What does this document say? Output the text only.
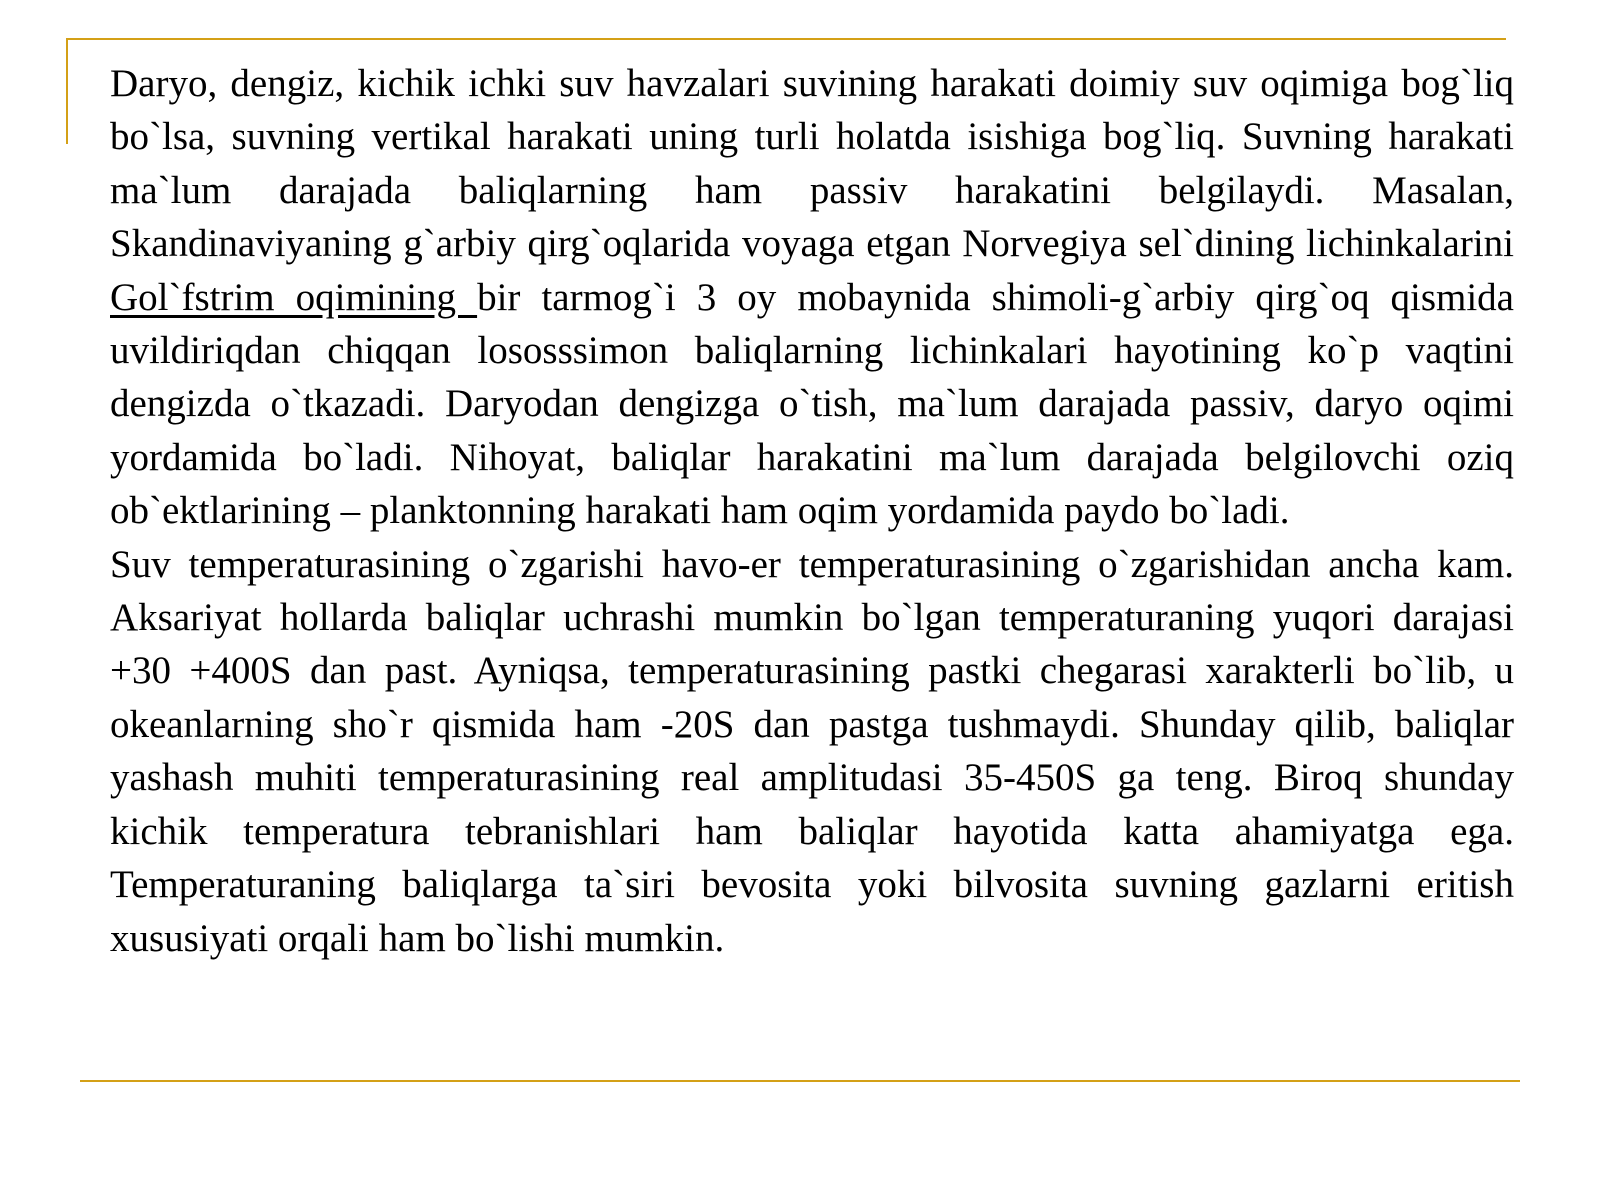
Daryo, dengiz, kichik ichki suv havzalari suvining harakati doimiy suv oqimiga bog`liq bo`lsa, suvning vertikal harakati uning turli holatda isishiga bog`liq. Suvning harakati ma`lum darajada baliqlarning ham passiv harakatini belgilaydi. Masalan, Skandinaviyaning g`arbiy qirg`oqlarida voyaga etgan Norvegiya sel`dining lichinkalarini Gol`fstrim oqimining bir tarmog`i 3 oy mobaynida shimoli-g`arbiy qirg`oq qismida uvildiriqdan chiqqan lososssimon baliqlarning lichinkalari hayotining ko`p vaqtini dengizda o`tkazadi. Daryodan dengizga o`tish, ma`lum darajada passiv, daryo oqimi yordamida bo`ladi. Nihoyat, baliqlar harakatini ma`lum darajada belgilovchi oziq ob`ektlarining – planktonning harakati ham oqim yordamida paydo bo`ladi.

Suv temperaturasining o`zgarishi havo-er temperaturasining o`zgarishidan ancha kam. Aksariyat hollarda baliqlar uchrashi mumkin bo`lgan temperaturaning yuqori darajasi +30 +400S dan past. Ayniqsa, temperaturasining pastki chegarasi xarakterli bo`lib, u okeanlarning sho`r qismida ham -20S dan pastga tushmaydi. Shunday qilib, baliqlar yashash muhiti temperaturasining real amplitudasi 35-450S ga teng. Biroq shunday kichik temperatura tebranishlari ham baliqlar hayotida katta ahamiyatga ega. Temperaturaning baliqlarga ta`siri bevosita yoki bilvosita suvning gazlarni eritish xususiyati orqali ham bo`lishi mumkin.
